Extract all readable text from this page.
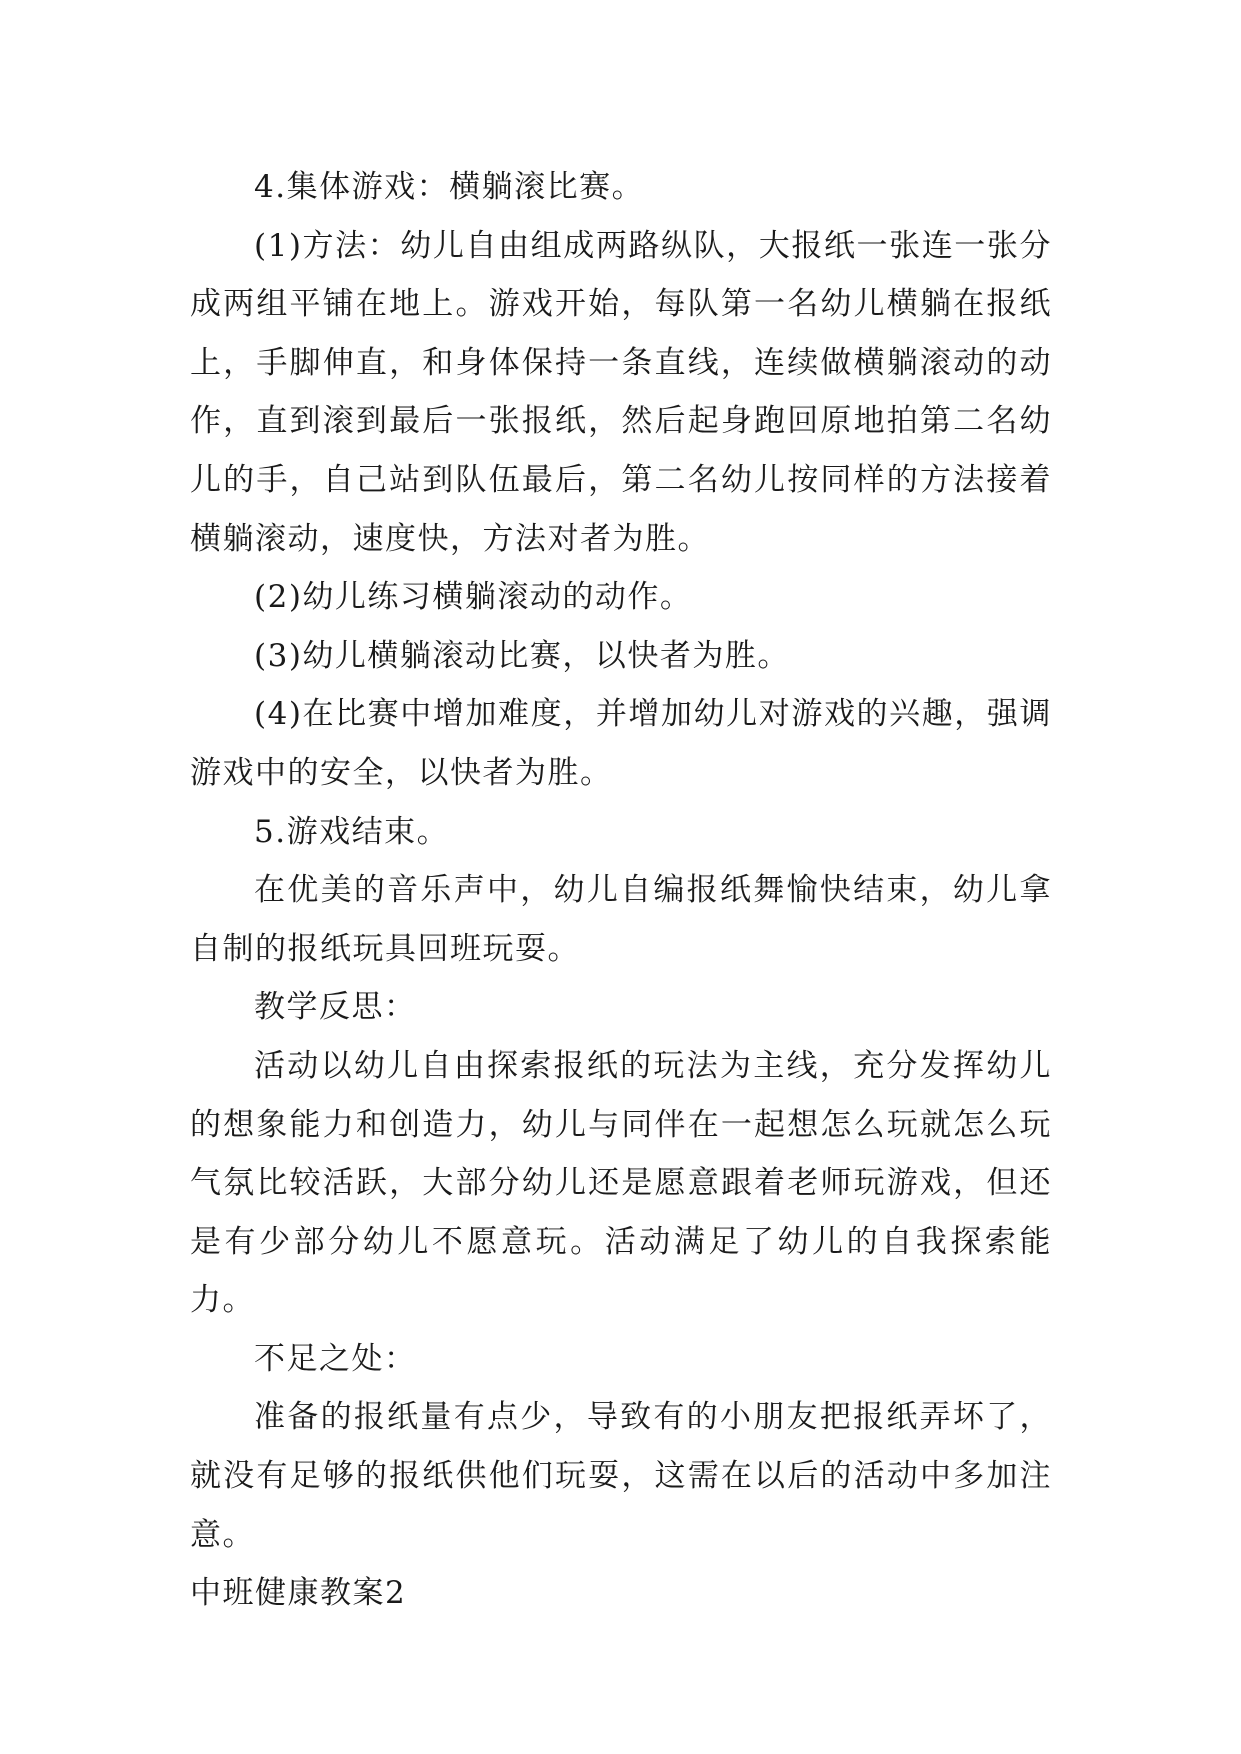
4.集体游戏：横躺滚比赛。

(1)方法：幼儿自由组成两路纵队，大报纸一张连一张分成两组平铺在地上。游戏开始，每队第一名幼儿横躺在报纸上，手脚伸直，和身体保持一条直线，连续做横躺滚动的动作，直到滚到最后一张报纸，然后起身跑回原地拍第二名幼儿的手，自己站到队伍最后，第二名幼儿按同样的方法接着横躺滚动，速度快，方法对者为胜。

(2)幼儿练习横躺滚动的动作。

(3)幼儿横躺滚动比赛，以快者为胜。

(4)在比赛中增加难度，并增加幼儿对游戏的兴趣，强调游戏中的安全，以快者为胜。

5.游戏结束。

在优美的音乐声中，幼儿自编报纸舞愉快结束，幼儿拿自制的报纸玩具回班玩耍。

教学反思：

活动以幼儿自由探索报纸的玩法为主线，充分发挥幼儿的想象能力和创造力，幼儿与同伴在一起想怎么玩就怎么玩气氛比较活跃，大部分幼儿还是愿意跟着老师玩游戏，但还是有少部分幼儿不愿意玩。活动满足了幼儿的自我探索能力。

不足之处：

准备的报纸量有点少，导致有的小朋友把报纸弄坏了，就没有足够的报纸供他们玩耍，这需在以后的活动中多加注意。

中班健康教案2
